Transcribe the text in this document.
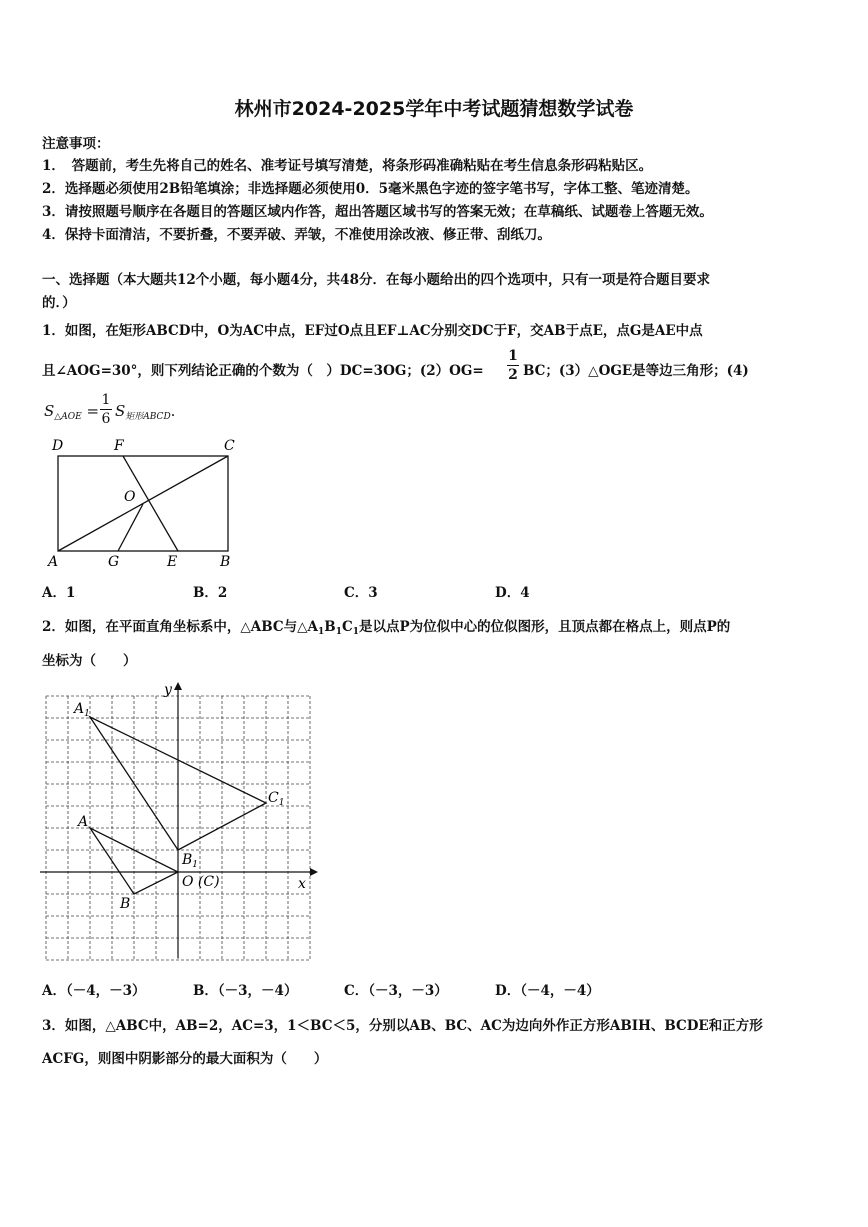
林州市2024-2025学年中考试题猜想数学试卷
注意事项：
1．　答题前，考生先将自己的姓名、准考证号填写清楚，将条形码准确粘贴在考生信息条形码粘贴区。
2．选择题必须使用2B铅笔填涂；非选择题必须使用0．5毫米黑色字迹的签字笔书写，字体工整、笔迹清楚。
3．请按照题号顺序在各题目的答题区域内作答，超出答题区域书写的答案无效；在草稿纸、试题卷上答题无效。
4．保持卡面清洁，不要折叠，不要弄破、弄皱，不准使用涂改液、修正带、刮纸刀。
一、选择题（本大题共12个小题，每小题4分，共48分．在每小题给出的四个选项中，只有一项是符合题目要求
的．）
1．如图，在矩形ABCD中，O为AC中点，EF过O点且EF⊥AC分别交DC于F，交AB于点E，点G是AE中点
且∠AOG=30°，则下列结论正确的个数为（　）DC=3OG；(2）OG=
1
2 BC；(3）△OGE是等边三角形；(4)
$S_{\triangle AOE}$ =
1
6 $S_{矩形ABCD}$.
D	F	C
O
A	G	E	B
A．1	B．2	C．3	D．4
2．如图，在平面直角坐标系中，△ABC与$\triangle A_1B_1C_1$是以点P为位似中心的位似图形，且顶点都在格点上，则点P的
坐标为（　　）
y
x
$A_1$
$C_1$
A
$B_1$
B
O (C)
A．（－4，－3）	B．（－3，－4）	C．（－3，－3）	D．（－4，－4）
3．如图，△ABC中，AB=2，AC=3，1＜BC＜5，分别以AB、BC、AC为边向外作正方形ABIH、BCDE和正方形
ACFG，则图中阴影部分的最大面积为（　　）
